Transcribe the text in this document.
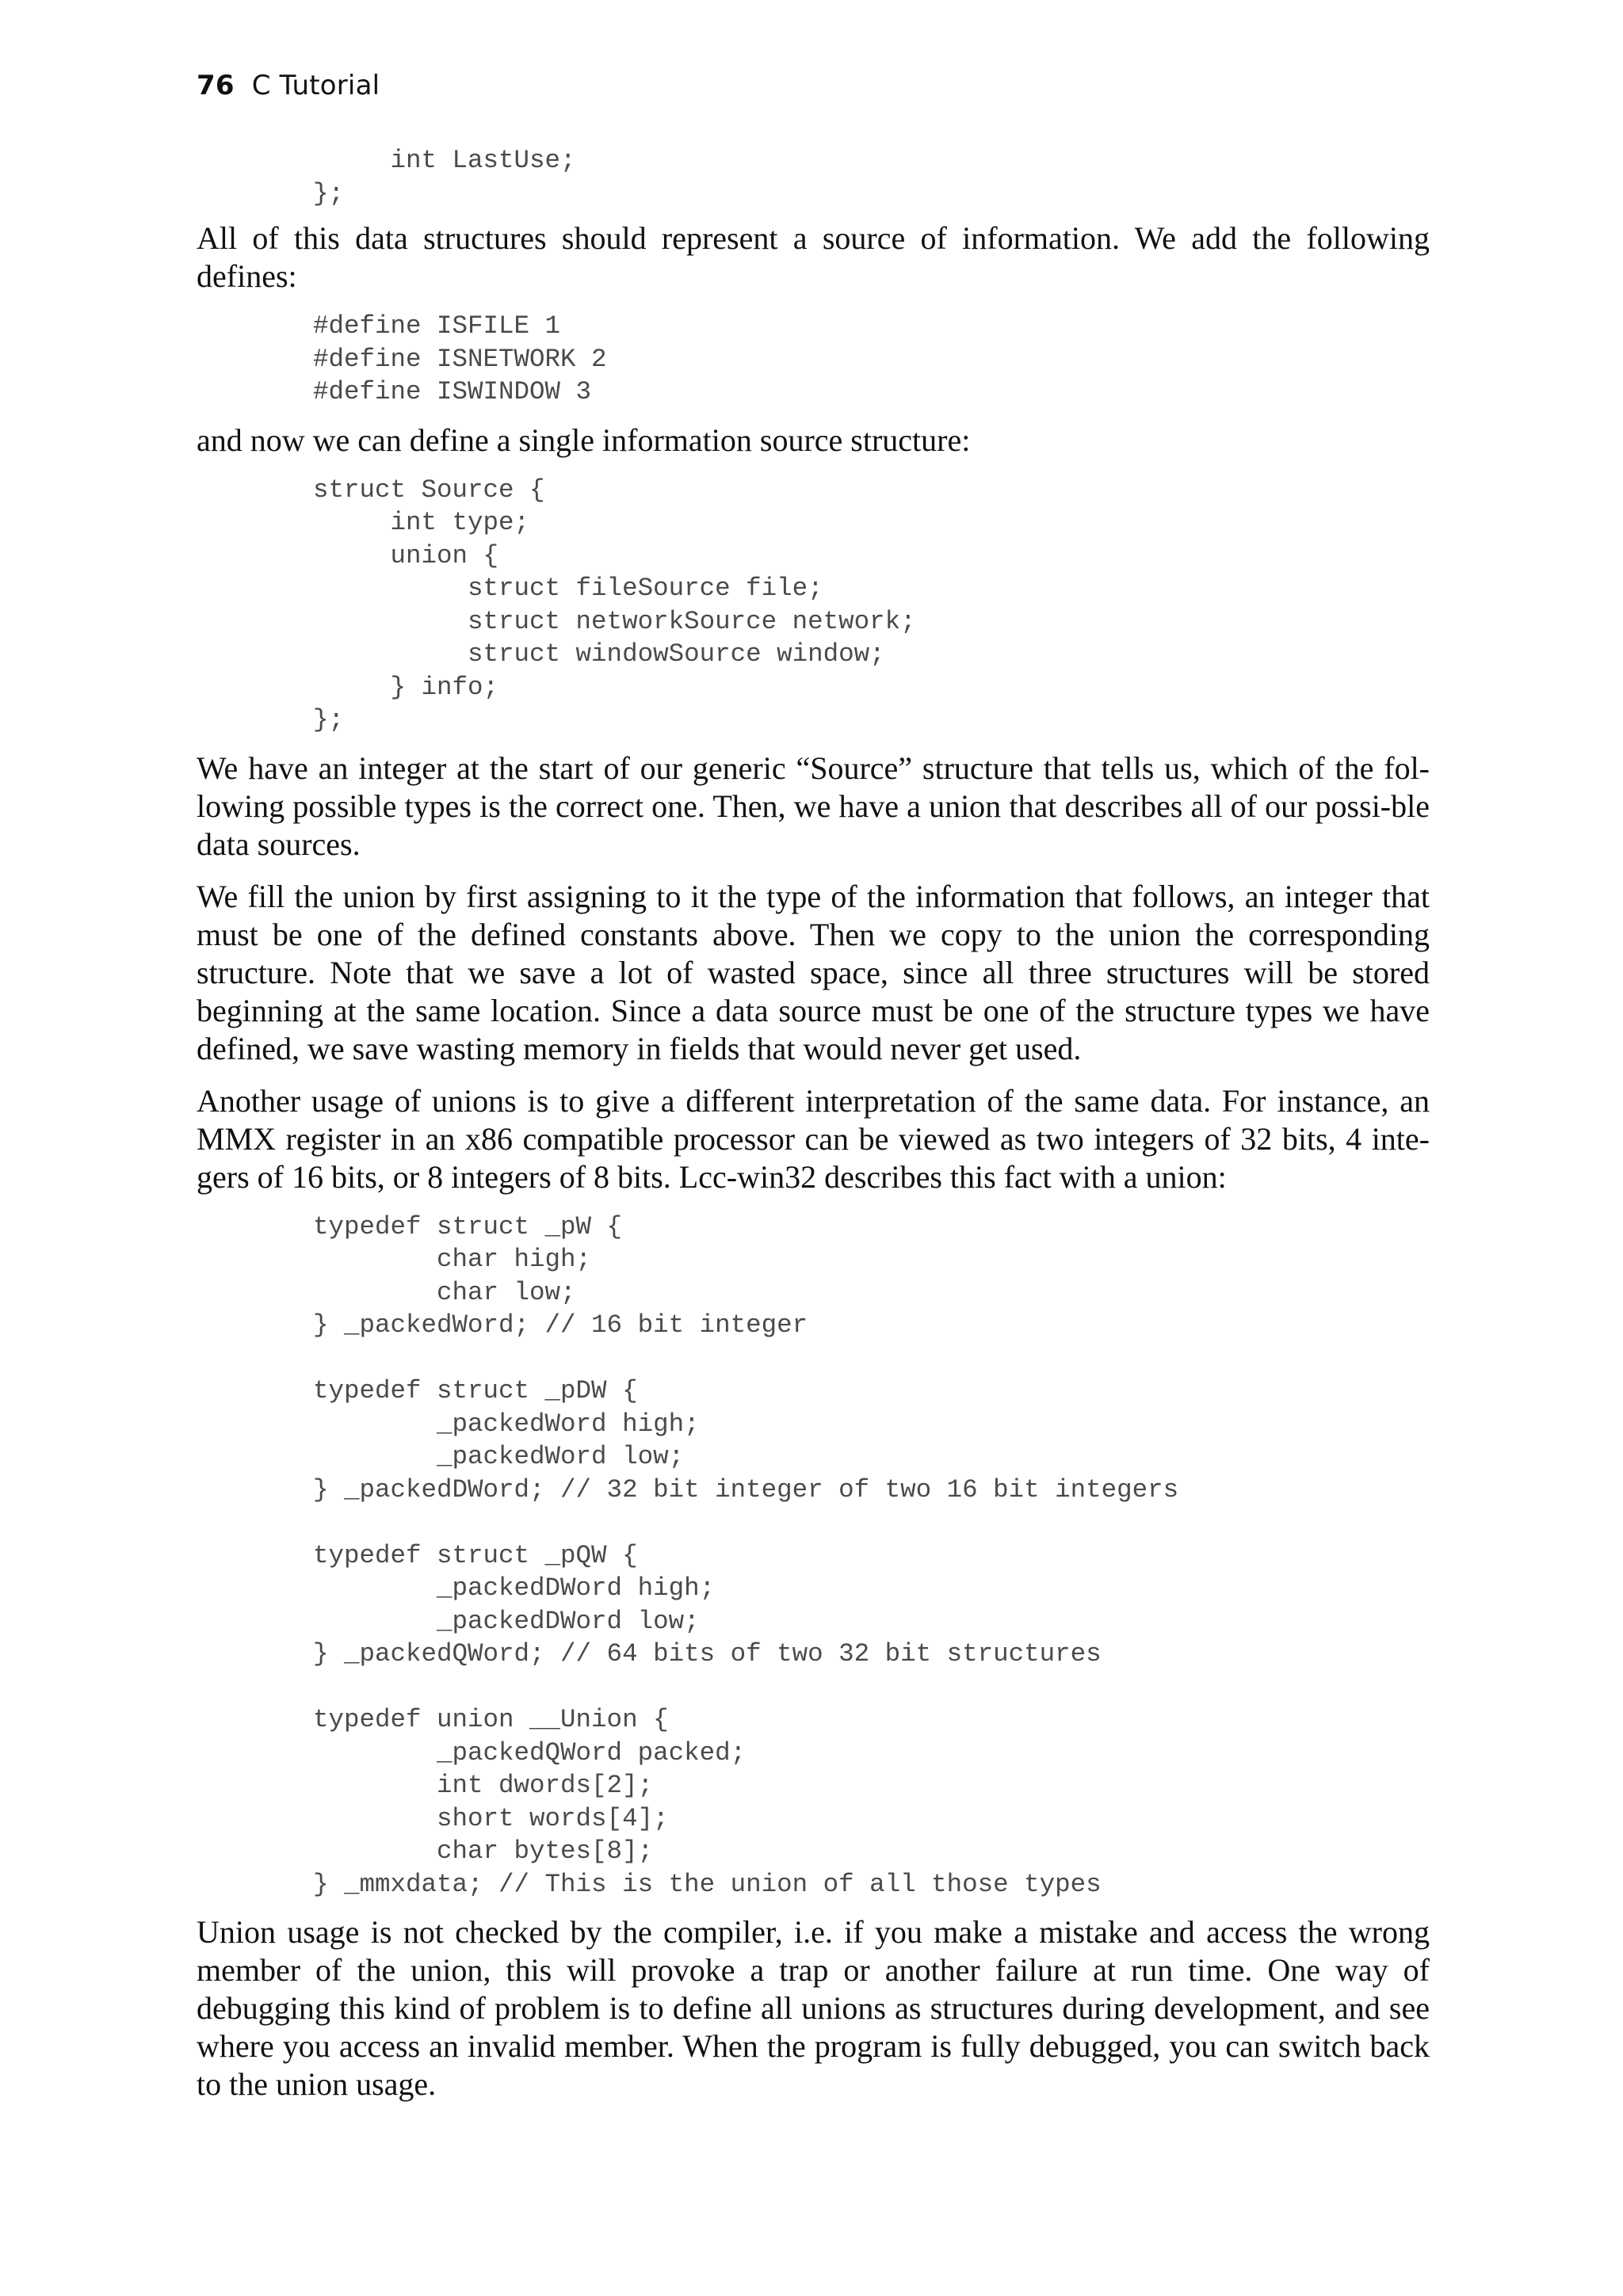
76 C Tutorial
int LastUse;
};

All of this data structures should represent a source of information. We add the following defines:

#define ISFILE 1
#define ISNETWORK 2
#define ISWINDOW 3

and now we can define a single information source structure:

struct Source {
int type;
union {
struct fileSource file;
struct networkSource network;
struct windowSource window;
} info;
};

We have an integer at the start of our generic “Source” structure that tells us, which of the fol-lowing possible types is the correct one. Then, we have a union that describes all of our possi-ble data sources.

We fill the union by first assigning to it the type of the information that follows, an integer that must be one of the defined constants above. Then we copy to the union the corresponding structure. Note that we save a lot of wasted space, since all three structures will be stored beginning at the same location. Since a data source must be one of the structure types we have defined, we save wasting memory in fields that would never get used.

Another usage of unions is to give a different interpretation of the same data. For instance, an MMX register in an x86 compatible processor can be viewed as two integers of 32 bits, 4 inte-gers of 16 bits, or 8 integers of 8 bits. Lcc-win32 describes this fact with a union:

typedef struct _pW {
char high;
char low;
} _packedWord; // 16 bit integer

typedef struct _pDW {
_packedWord high;
_packedWord low;
} _packedDWord; // 32 bit integer of two 16 bit integers

typedef struct _pQW {
_packedDWord high;
_packedDWord low;
} _packedQWord; // 64 bits of two 32 bit structures

typedef union __Union {
_packedQWord packed;
int dwords[2];
short words[4];
char bytes[8];
} _mmxdata; // This is the union of all those types

Union usage is not checked by the compiler, i.e. if you make a mistake and access the wrong member of the union, this will provoke a trap or another failure at run time. One way of debugging this kind of problem is to define all unions as structures during development, and see where you access an invalid member. When the program is fully debugged, you can switch back to the union usage.
